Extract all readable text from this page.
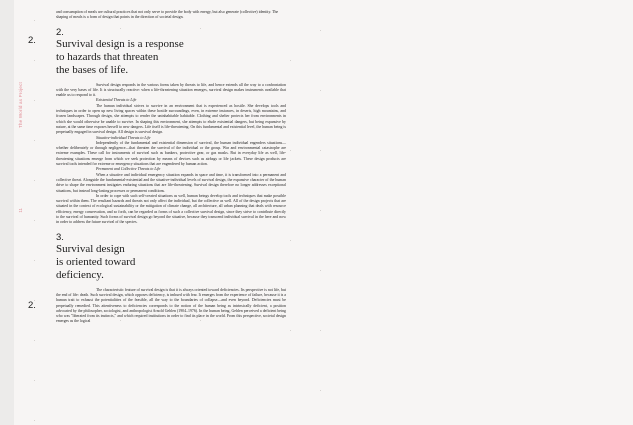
The World as Project
11
2.
2.

and consumption of meals are cultural practices that not only serve to provide the body with energy, but also generate (collective) identity. The shaping of meals is a form of design that points in the direction of societal design.

2.

Survival design is a response
to hazards that threaten
the bases of life.

Survival design responds in the various forms taken by threats to life, and hence extends all the way to a confrontation with the very bases of life. It is structurally reactive: when a life-threatening situation emerges, survival design makes instruments available that enable us to respond to it.

Existential Threats to Life

The human individual strives to survive in an environment that is experienced as hostile. She develops tools and techniques in order to open up new living spaces within these hostile surroundings, even, in extreme instances, in deserts, high mountains, and frozen landscapes. Through design, she attempts to render the uninhabitable habitable. Clothing and shelter protects her from environments in which she would otherwise be unable to survive. In shaping this environment, she attempts to elude existential dangers, but being expansive by nature, at the same time exposes herself to new dangers. Life itself is life-threatening. On this fundamental and existential level, the human being is perpetually engaged in survival design. All design is survival design.

Situative-individual Threats to Life

Independently of the fundamental and existential dimension of survival, the human individual engenders situations—whether deliberately or through negligence—that threaten the survival of the individual or the group. War and environmental catastrophe are extreme examples. These call for instruments of survival such as bunkers, protective gear, or gas masks. But in everyday life as well, life-threatening situations emerge from which we seek protection by means of devices such as airbags or life jackets. These design products are survival tools intended for extreme or emergency situations that are engendered by human action.

Permanent and Collective Threats to Life

When a situative and individual emergency situation expands in space and time, it is transformed into a permanent and collective threat. Alongside the fundamental-existential and the situative-individual levels of survival design, the expansive character of the human drive to shape the environment instigates enduring situations that are life-threatening. Survival design therefore no longer addresses exceptional situations, but instead long-lasting processes or permanent conditions.

In order to cope with such self-created situations as well, human beings develop tools and techniques that make possible survival within them. The resultant hazards and threats not only affect the individual, but the collective as well. All of the design projects that are situated in the context of ecological sustainability or the mitigation of climate change, all architecture, all urban planning that deals with resource efficiency, energy conservation, and so forth, can be regarded as forms of such a collective survival design, since they strive to contribute directly to the survival of humanity. Such forms of survival design go beyond the situative, because they transcend individual survival in the here and now in order to address the future survival of the species.

3.

Survival design
is oriented toward
deficiency.

The characteristic feature of survival design is that it is always oriented toward deficiencies. Its perspective is not life, but the end of life: death. Such survival design, which opposes deficiency, is imbued with fear. It emerges from the experience of failure, because it is a human trait to exhaust the potentialities of the feasible, all the way to the boundaries of collapse—and even beyond. Deficiencies must be perpetually remedied. This attentiveness to deficiencies corresponds to the notion of the human being as intrinsically deficient, a position advocated by the philosopher, sociologist, and anthropologist Arnold Gehlen (1904–1976). In the human being, Gehlen perceived a deficient being who was "liberated from its instincts," and which required institutions in order to find its place in the world. From this perspective, societal design emerges as the logical
